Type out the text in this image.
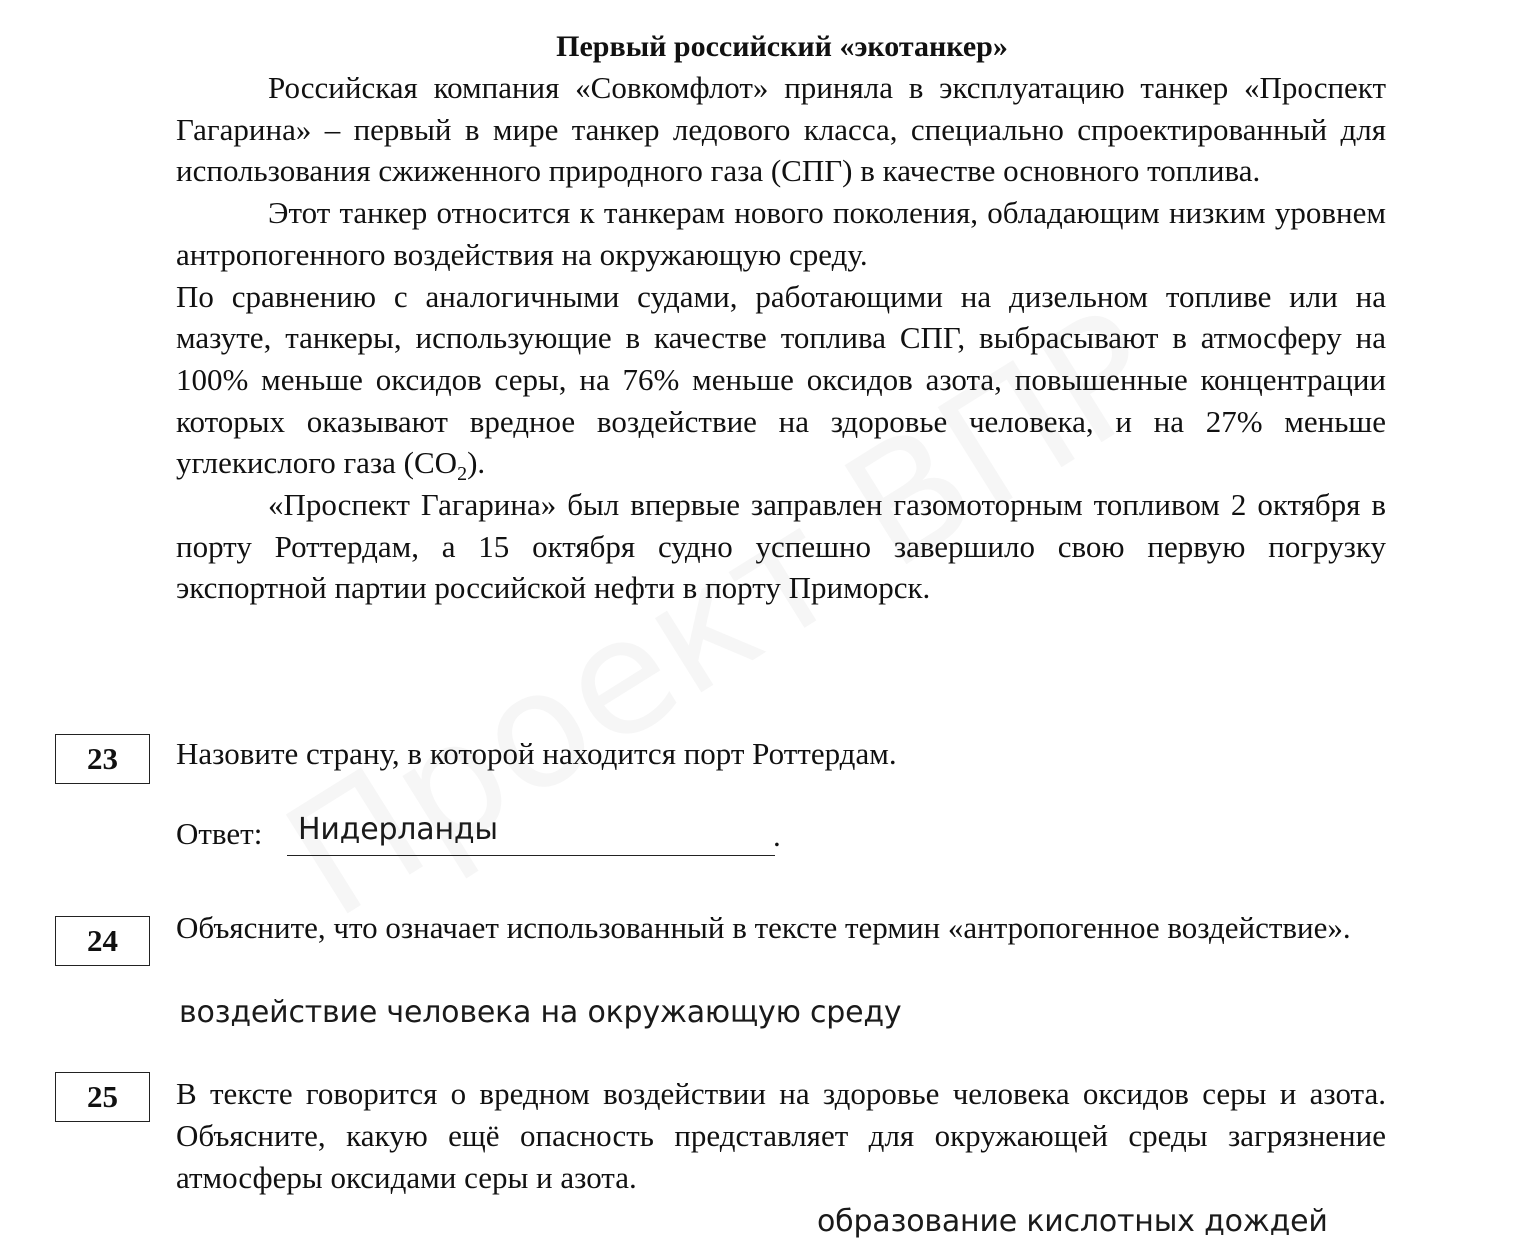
Первый российский «экотанкер»

Российская компания «Совкомфлот» приняла в эксплуатацию танкер «Проспект Гагарина» – первый в мире танкер ледового класса, специально спроектированный для использования сжиженного природного газа (СПГ) в качестве основного топлива.

Этот танкер относится к танкерам нового поколения, обладающим низким уровнем антропогенного воздействия на окружающую среду.

По сравнению с аналогичными судами, работающими на дизельном топливе или на мазуте, танкеры, использующие в качестве топлива СПГ, выбрасывают в атмосферу на 100% меньше оксидов серы, на 76% меньше оксидов азота, повышенные концентрации которых оказывают вредное воздействие на здоровье человека, и на 27% меньше углекислого газа $(CO_2)$.

«Проспект Гагарина» был впервые заправлен газомоторным топливом 2 октября в порту Роттердам, а 15 октября судно успешно завершило свою первую погрузку экспортной партии российской нефти в порту Приморск.

23	Назовите страну, в которой находится порт Роттердам.

Ответ: Нидерланды	.
24	Объясните, что означает использованный в тексте термин «антропогенное воздействие».

воздействие человека на окружающую среду
25	В тексте говорится о вредном воздействии на здоровье человека оксидов серы и азота. Объясните, какую ещё опасность представляет для окружающей среды загрязнение атмосферы оксидами серы и азота.

образование кислотных дождей
